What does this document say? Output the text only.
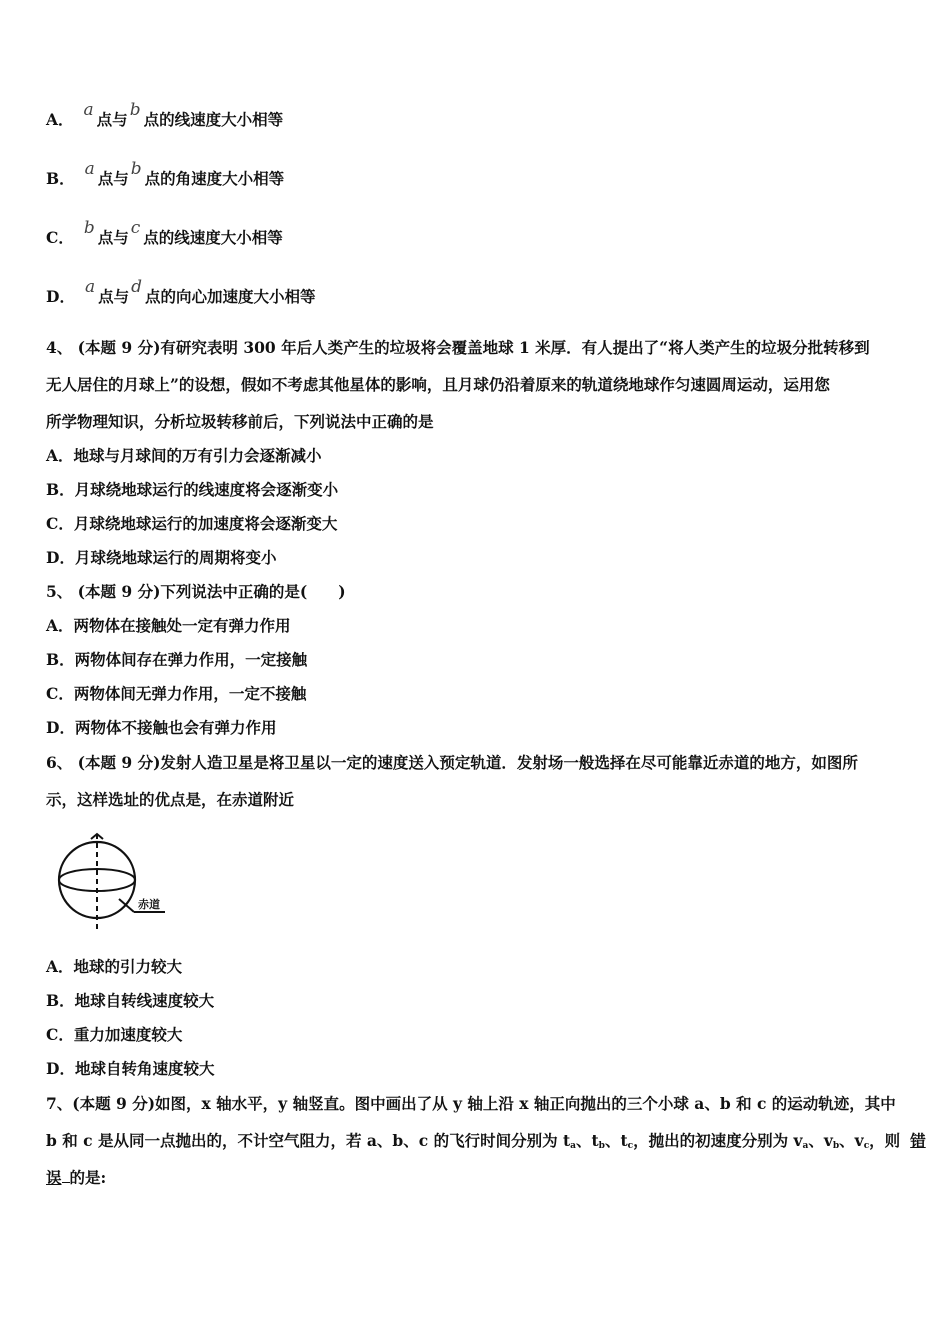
A． a 点与 b 点的线速度大小相等
B． a 点与 b 点的角速度大小相等
C． b 点与 c 点的线速度大小相等
D． a 点与 d 点的向心加速度大小相等
4、 (本题 9 分)有研究表明 300 年后人类产生的垃圾将会覆盖地球 1 米厚．有人提出了“将人类产生的垃圾分批转移到
无人居住的月球上”的设想，假如不考虑其他星体的影响，且月球仍沿着原来的轨道绕地球作匀速圆周运动，运用您
所学物理知识，分析垃圾转移前后，下列说法中正确的是
A．地球与月球间的万有引力会逐渐减小
B．月球绕地球运行的线速度将会逐渐变小
C．月球绕地球运行的加速度将会逐渐变大
D．月球绕地球运行的周期将变小
5、 (本题 9 分)下列说法中正确的是(　　)
A．两物体在接触处一定有弹力作用
B．两物体间存在弹力作用，一定接触
C．两物体间无弹力作用，一定不接触
D．两物体不接触也会有弹力作用
6、 (本题 9 分)发射人造卫星是将卫星以一定的速度送入预定轨道．发射场一般选择在尽可能靠近赤道的地方，如图所
示，这样选址的优点是，在赤道附近
赤道
A．地球的引力较大
B．地球自转线速度较大
C．重力加速度较大
D．地球自转角速度较大
7、(本题 9 分)如图，x 轴水平，y 轴竖直。图中画出了从 y 轴上沿 x 轴正向抛出的三个小球 a、b 和 c 的运动轨迹，其中
b 和 c 是从同一点抛出的，不计空气阻力，若 a、b、c 的飞行时间分别为 $t_a$、$t_b$、$t_c$，抛出的初速度分别为 $v_a$、$v_b$、$v_c$，则 错
误 的是:
